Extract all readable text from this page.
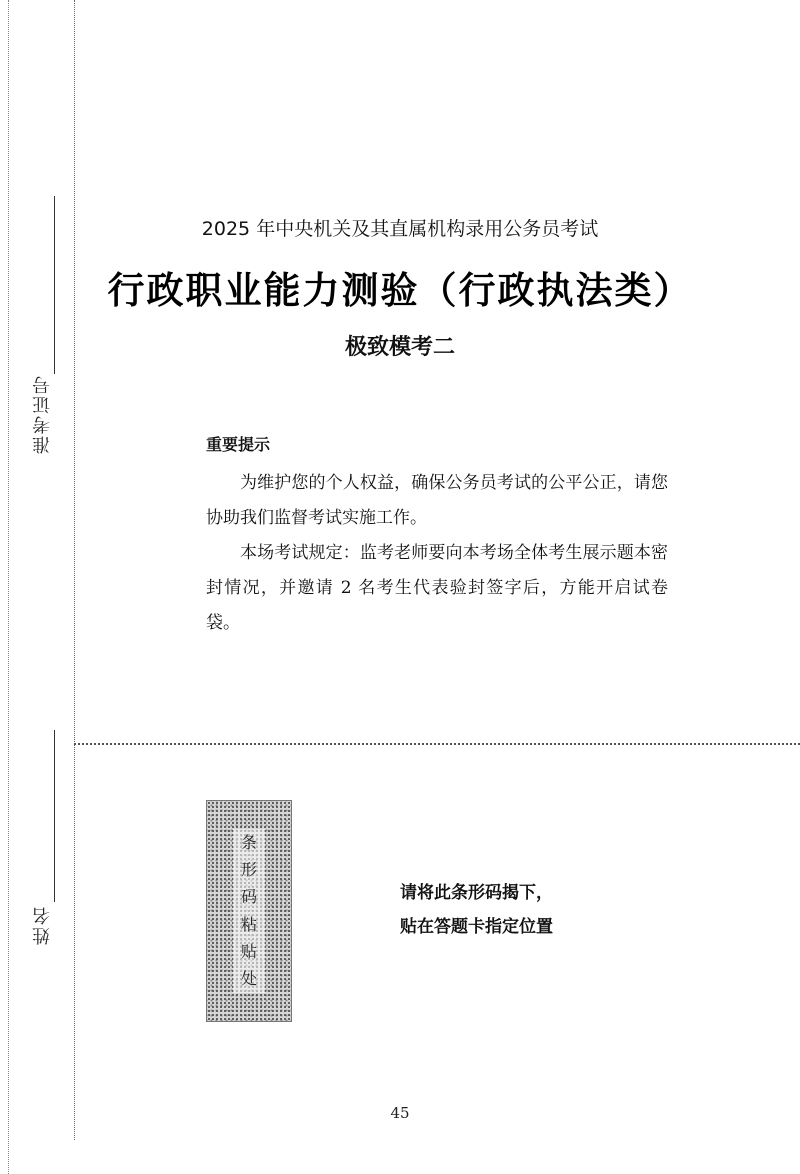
准考证号
姓名
2025 年中央机关及其直属机构录用公务员考试
行政职业能力测验（行政执法类）
极致模考二
重要提示

为维护您的个人权益，确保公务员考试的公平公正，请您协助我们监督考试实施工作。

本场考试规定：监考老师要向本考场全体考生展示题本密封情况，并邀请 2 名考生代表验封签字后，方能开启试卷袋。

条
形
码
粘
贴
处
请将此条形码揭下，
贴在答题卡指定位置
45
